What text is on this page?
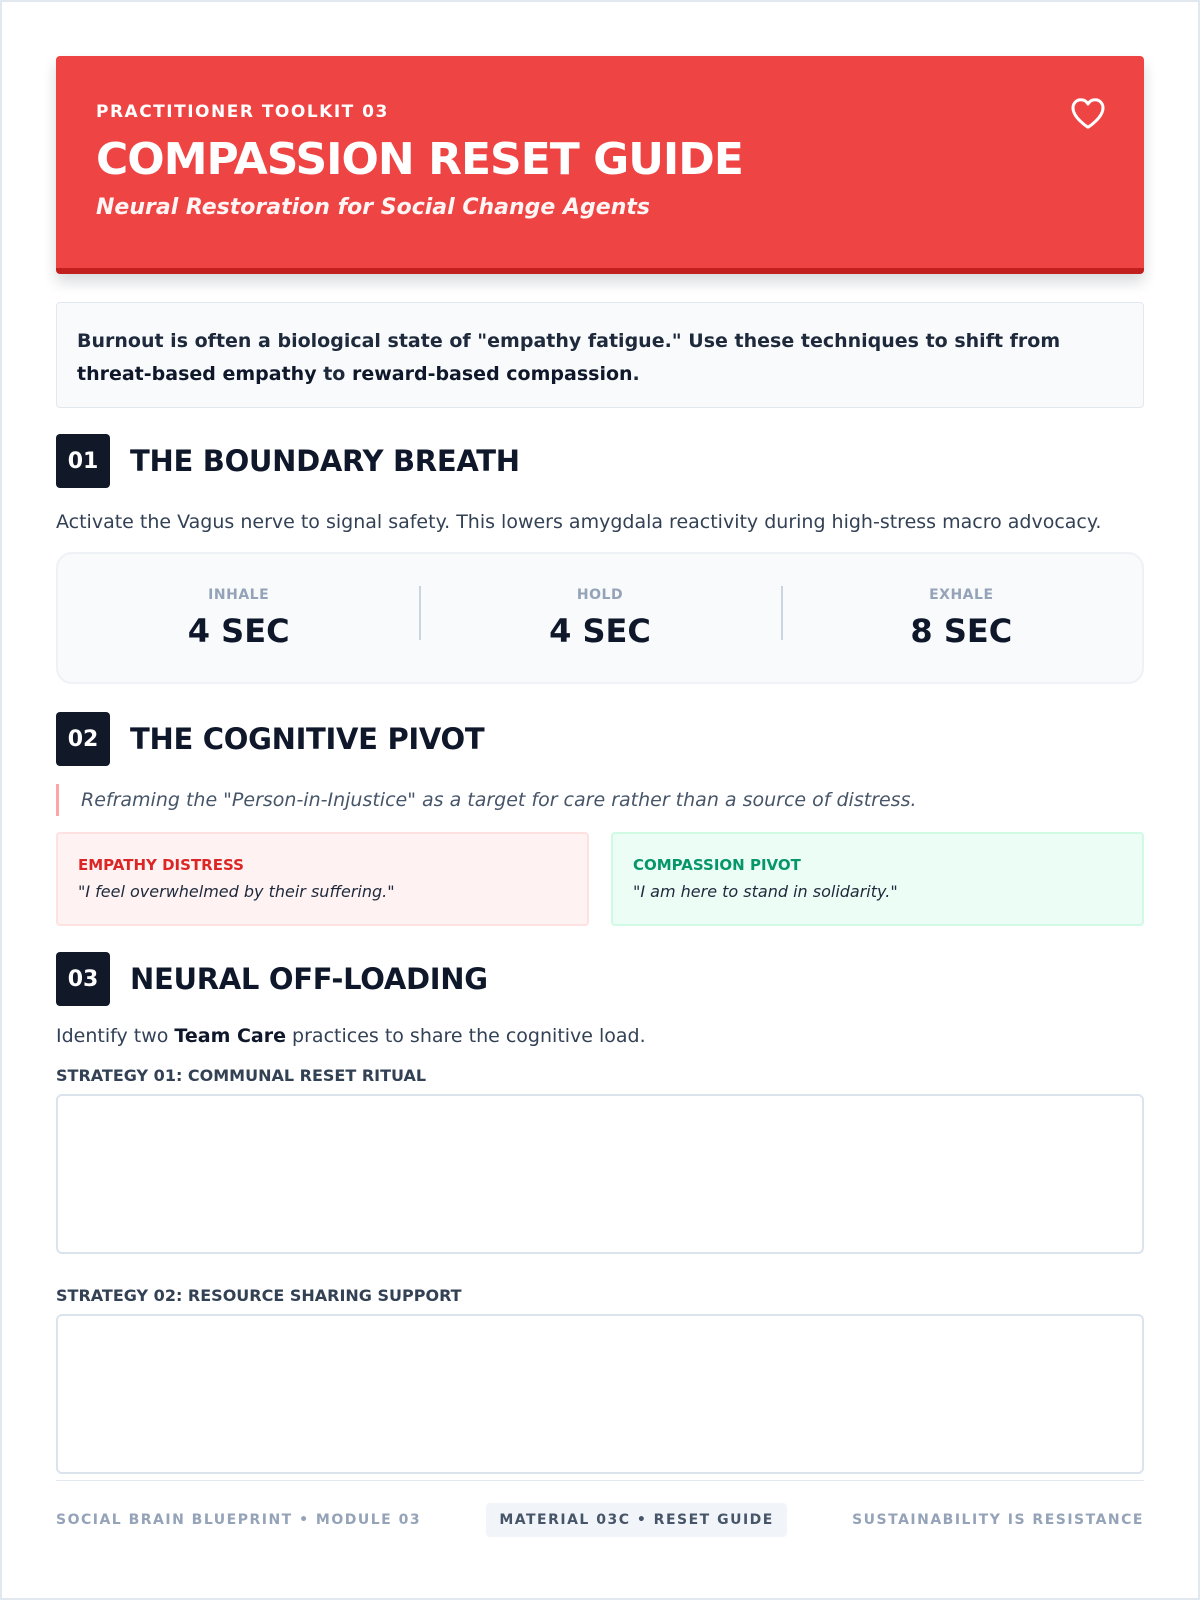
PRACTITIONER TOOLKIT 03
COMPASSION RESET GUIDE
Neural Restoration for Social Change Agents
Burnout is often a biological state of "empathy fatigue." Use these techniques to shift from threat-based empathy to reward-based compassion.
01	THE BOUNDARY BREATH
Activate the Vagus nerve to signal safety. This lowers amygdala reactivity during high-stress macro advocacy.
INHALE
4 SEC
HOLD
4 SEC
EXHALE
8 SEC
02	THE COGNITIVE PIVOT
Reframing the "Person-in-Injustice" as a target for care rather than a source of distress.
EMPATHY DISTRESS
"I feel overwhelmed by their suffering."
COMPASSION PIVOT
"I am here to stand in solidarity."
03	NEURAL OFF-LOADING
Identify two Team Care practices to share the cognitive load.
STRATEGY 01: COMMUNAL RESET RITUAL
STRATEGY 02: RESOURCE SHARING SUPPORT
SOCIAL BRAIN BLUEPRINT • MODULE 03	MATERIAL 03C • RESET GUIDE	SUSTAINABILITY IS RESISTANCE
